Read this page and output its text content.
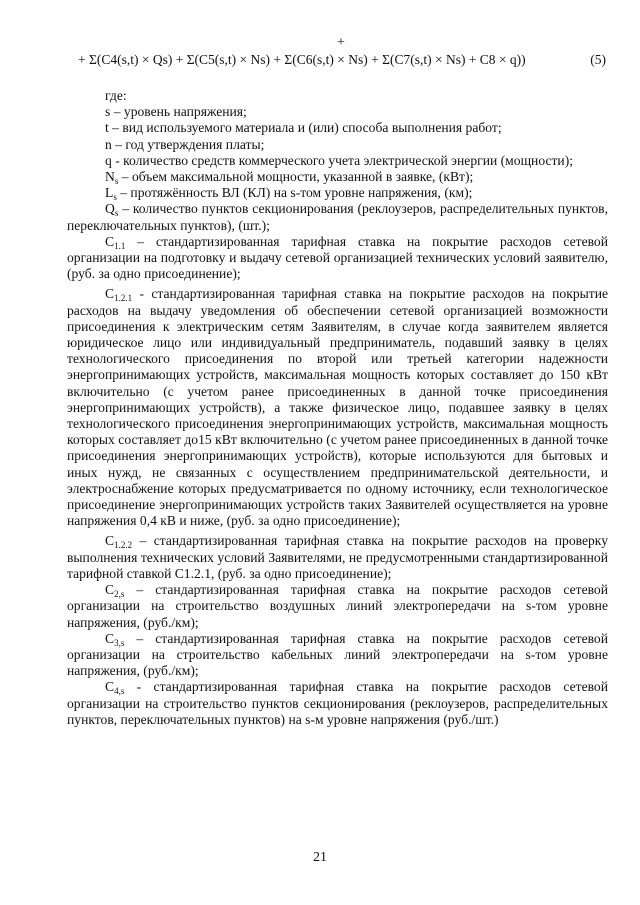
+
+ Σ(C4(s,t) × Qs) + Σ(C5(s,t) × Ns) + Σ(C6(s,t) × Ns) + Σ(C7(s,t) × Ns) + C8 × q))	(5)

где:

s – уровень напряжения;

t – вид используемого материала и (или) способа выполнения работ;

n – год утверждения платы;

q - количество средств коммерческого учета электрической энергии (мощности);

$N_s$ – объем максимальной мощности, указанной в заявке, (кВт);

$L_s$ – протяжённость ВЛ (КЛ) на s-том уровне напряжения, (км);

$Q_s$ – количество пунктов секционирования (реклоузеров, распределительных пунктов, переключательных пунктов), (шт.);

$C_{1.1}$ – стандартизированная тарифная ставка на покрытие расходов сетевой организации на подготовку и выдачу сетевой организацией технических условий заявителю, (руб. за одно присоединение);

$C_{1.2.1}$ - стандартизированная тарифная ставка на покрытие расходов на покрытие расходов на выдачу уведомления об обеспечении сетевой организацией возможности присоединения к электрическим сетям Заявителям, в случае когда заявителем является юридическое лицо или индивидуальный предприниматель, подавший заявку в целях технологического присоединения по второй или третьей категории надежности энергопринимающих устройств, максимальная мощность которых составляет до 150 кВт включительно (с учетом ранее присоединенных в данной точке присоединения энергопринимающих устройств), а также физическое лицо, подавшее заявку в целях технологического присоединения энергопринимающих устройств, максимальная мощность которых составляет до15 кВт включительно (с учетом ранее присоединенных в данной точке присоединения энергопринимающих устройств), которые используются для бытовых и иных нужд, не связанных с осуществлением предпринимательской деятельности, и электроснабжение которых предусматривается по одному источнику, если технологическое присоединение энергопринимающих устройств таких Заявителей осуществляется на уровне напряжения 0,4 кВ и ниже, (руб. за одно присоединение);

$C_{1.2.2}$ – стандартизированная тарифная ставка на покрытие расходов на проверку выполнения технических условий Заявителями, не предусмотренными стандартизированной тарифной ставкой C1.2.1, (руб. за одно присоединение);

$C_{2,s}$ – стандартизированная тарифная ставка на покрытие расходов сетевой организации на строительство воздушных линий электропередачи на s-том уровне напряжения, (руб./км);

$C_{3,s}$ – стандартизированная тарифная ставка на покрытие расходов сетевой организации на строительство кабельных линий электропередачи на s-том уровне напряжения, (руб./км);

$C_{4,s}$ - стандартизированная тарифная ставка на покрытие расходов сетевой организации на строительство пунктов секционирования (реклоузеров, распределительных пунктов, переключательных пунктов) на s-м уровне напряжения (руб./шт.)

21
